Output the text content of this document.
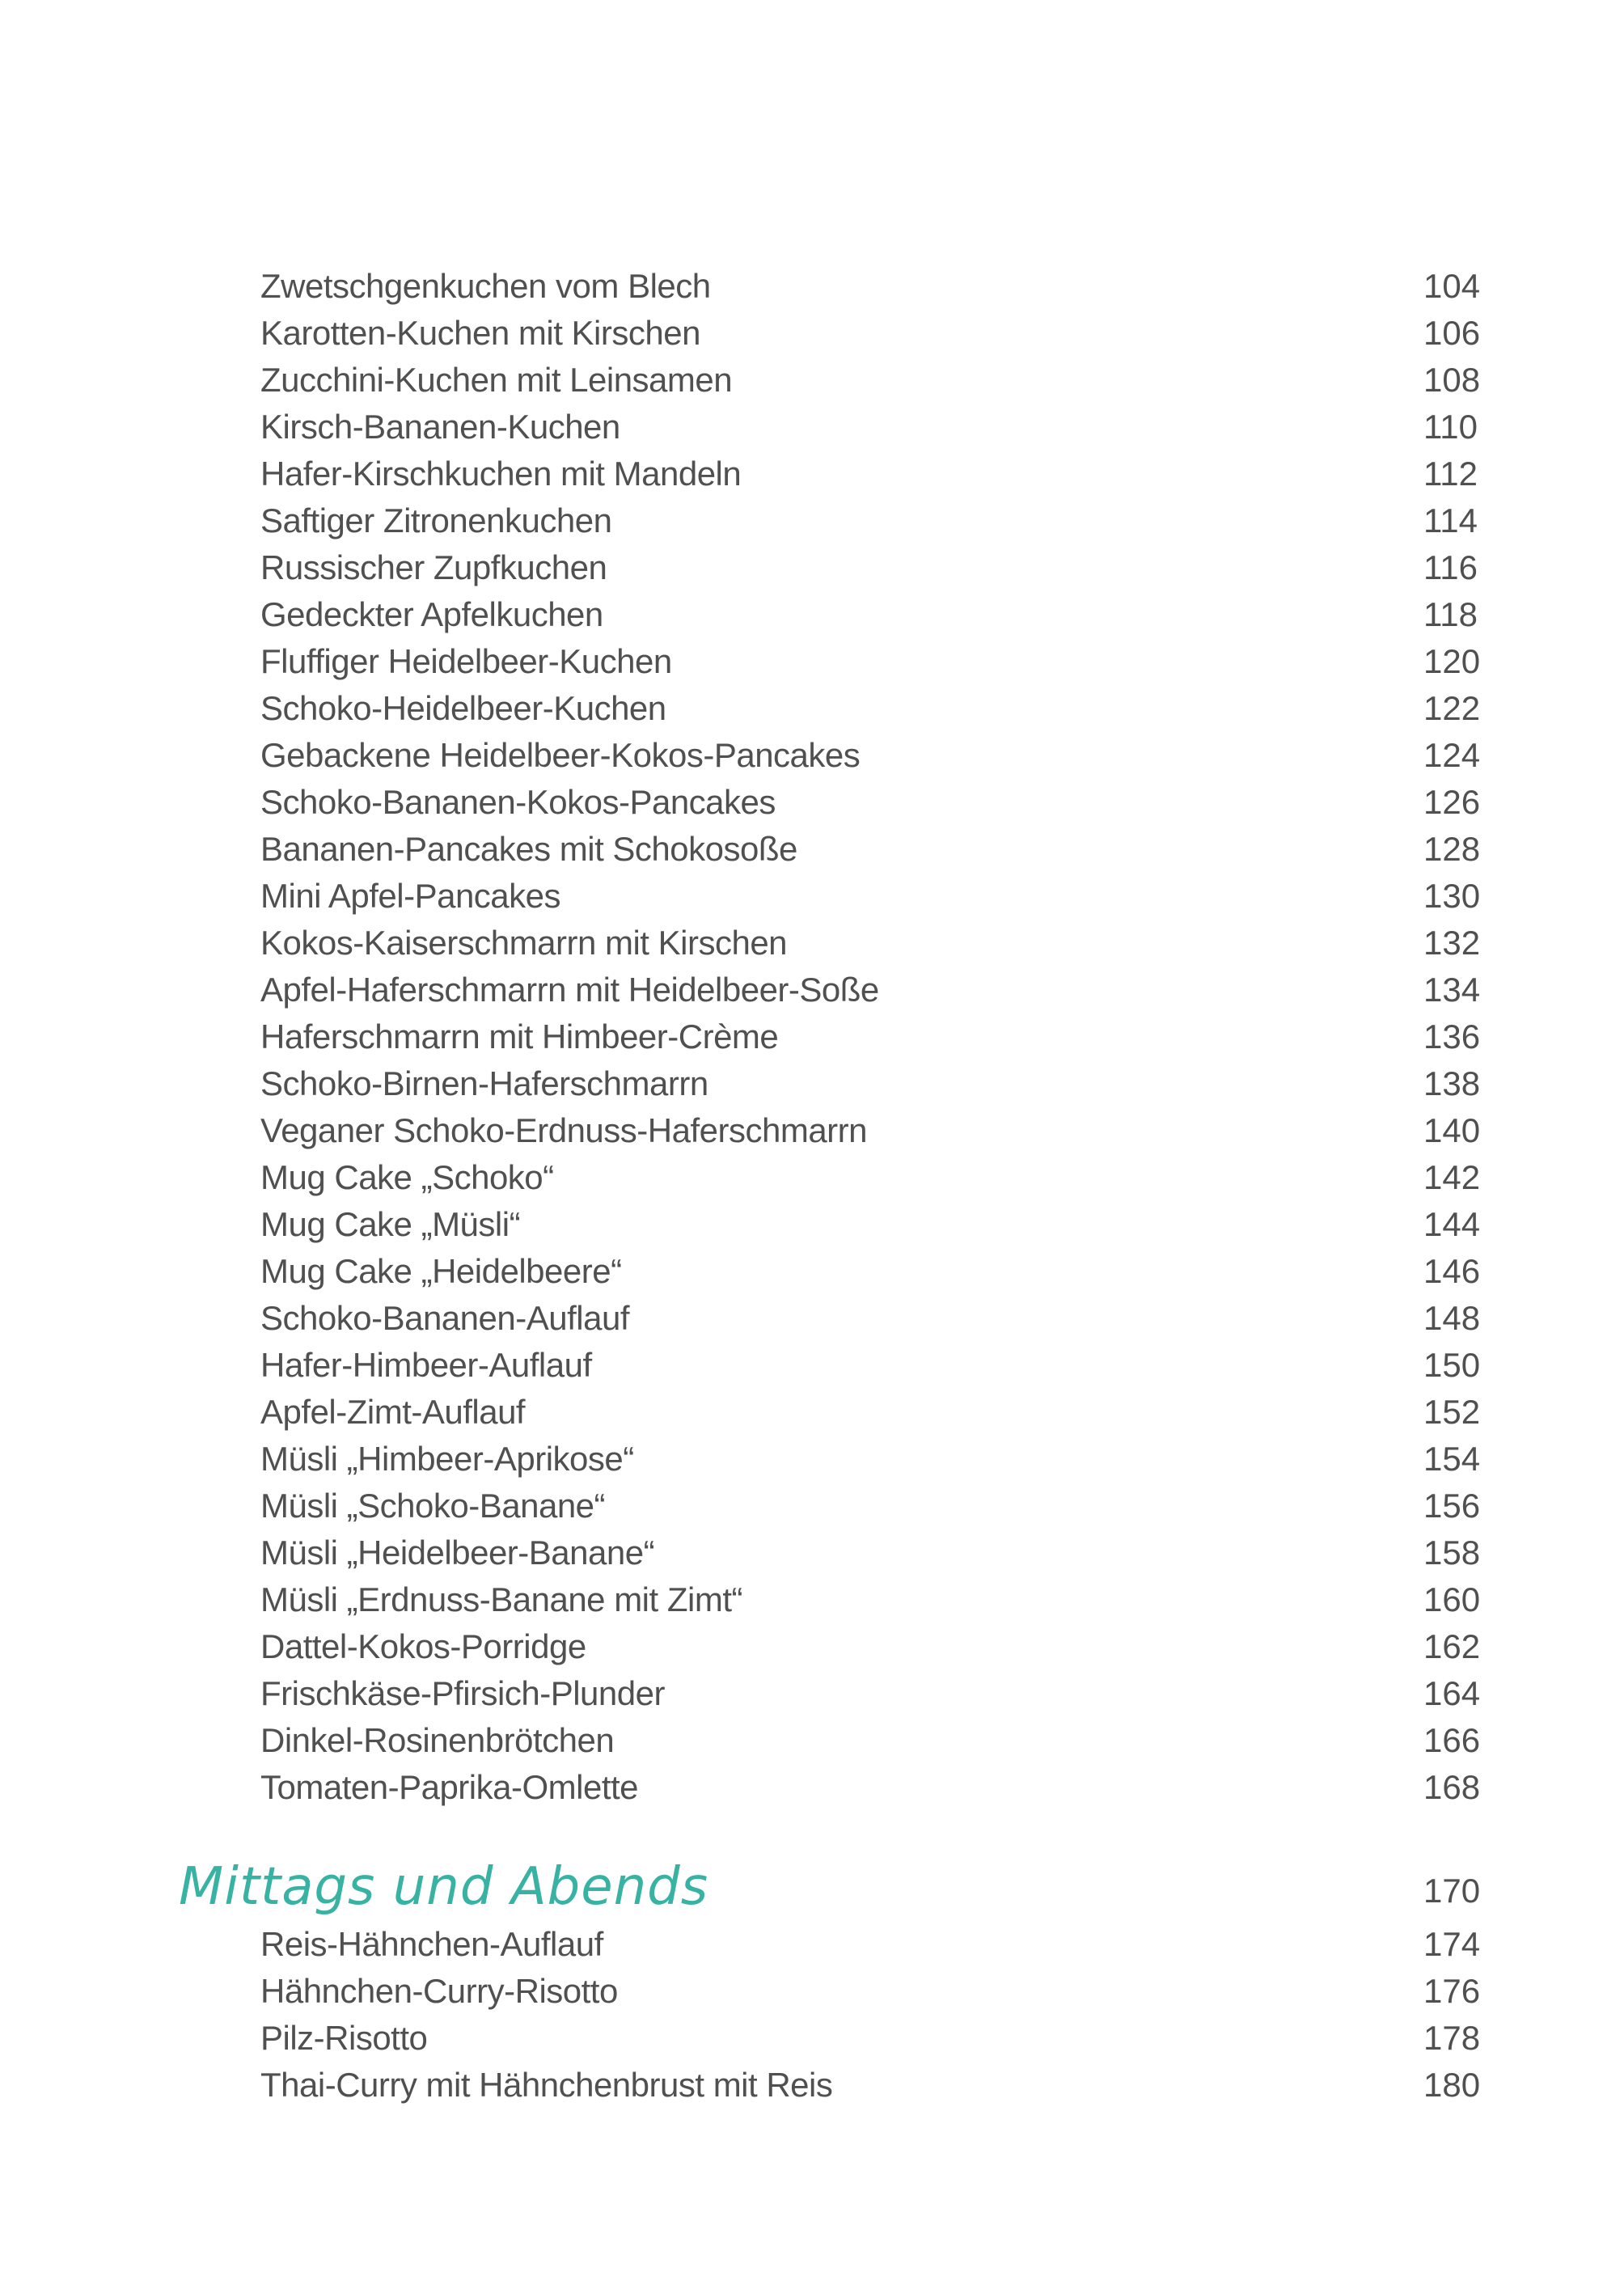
Zwetschgenkuchen vom Blech	104
Karotten-Kuchen mit Kirschen	106
Zucchini-Kuchen mit Leinsamen	108
Kirsch-Bananen-Kuchen	110
Hafer-Kirschkuchen mit Mandeln	112
Saftiger Zitronenkuchen	114
Russischer Zupfkuchen	116
Gedeckter Apfelkuchen	118
Fluffiger Heidelbeer-Kuchen	120
Schoko-Heidelbeer-Kuchen	122
Gebackene Heidelbeer-Kokos-Pancakes	124
Schoko-Bananen-Kokos-Pancakes	126
Bananen-Pancakes mit Schokosoße	128
Mini Apfel-Pancakes	130
Kokos-Kaiserschmarrn mit Kirschen	132
Apfel-Haferschmarrn mit Heidelbeer-Soße	134
Haferschmarrn mit Himbeer-Crème	136
Schoko-Birnen-Haferschmarrn	138
Veganer Schoko-Erdnuss-Haferschmarrn	140
Mug Cake „Schoko“	142
Mug Cake „Müsli“	144
Mug Cake „Heidelbeere“	146
Schoko-Bananen-Auflauf	148
Hafer-Himbeer-Auflauf	150
Apfel-Zimt-Auflauf	152
Müsli „Himbeer-Aprikose“	154
Müsli „Schoko-Banane“	156
Müsli „Heidelbeer-Banane“	158
Müsli „Erdnuss-Banane mit Zimt“	160
Dattel-Kokos-Porridge	162
Frischkäse-Pfirsich-Plunder	164
Dinkel-Rosinenbrötchen	166
Tomaten-Paprika-Omlette	168
Mittags und Abends	170
Reis-Hähnchen-Auflauf	174
Hähnchen-Curry-Risotto	176
Pilz-Risotto	178
Thai-Curry mit Hähnchenbrust mit Reis	180
